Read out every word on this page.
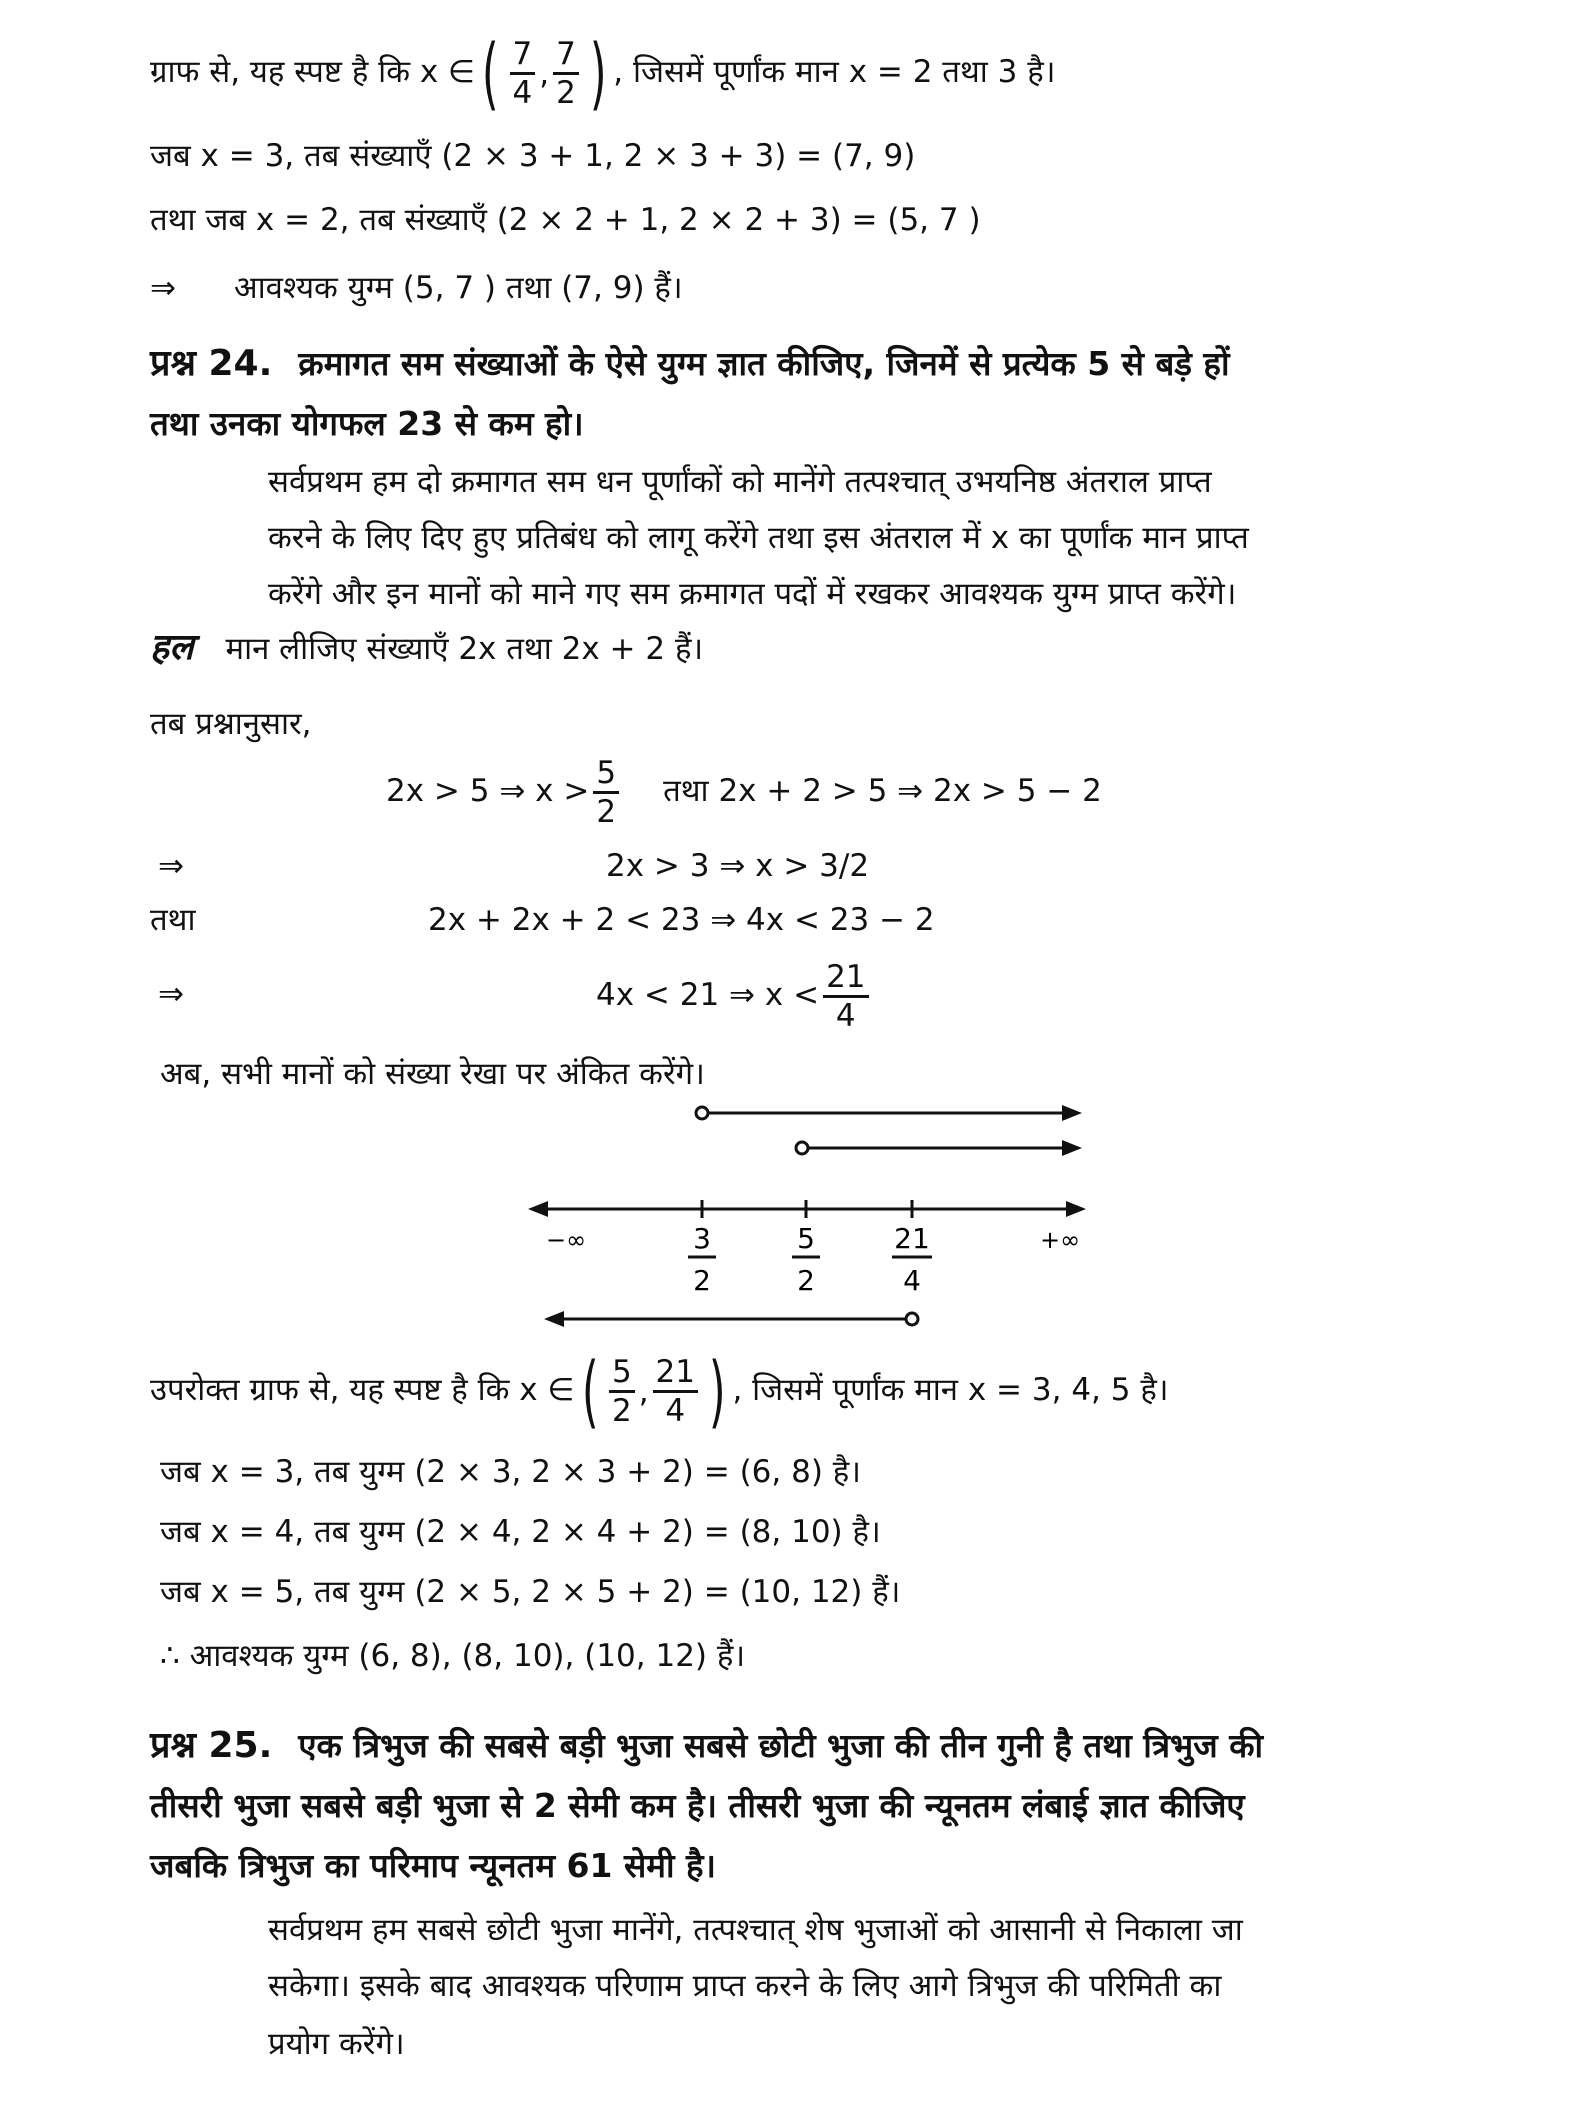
ग्राफ से, यह स्पष्ट है कि x ∈ ( $\frac{7}{4}$ , $\frac{7}{2}$ ) , जिसमें पूर्णांक मान x = 2 तथा 3 है।
जब x = 3, तब संख्याएँ (2 × 3 + 1, 2 × 3 + 3) = (7, 9)
तथा जब x = 2, तब संख्याएँ (2 × 2 + 1, 2 × 2 + 3) = (5, 7 )
⇒ आवश्यक युग्म (5, 7 ) तथा (7, 9) हैं।
प्रश्न 24. क्रमागत सम संख्याओं के ऐसे युग्म ज्ञात कीजिए, जिनमें से प्रत्येक 5 से बड़े हों
तथा उनका योगफल 23 से कम हो।
सर्वप्रथम हम दो क्रमागत सम धन पूर्णांकों को मानेंगे तत्पश्चात् उभयनिष्ठ अंतराल प्राप्त
करने के लिए दिए हुए प्रतिबंध को लागू करेंगे तथा इस अंतराल में x का पूर्णांक मान प्राप्त
करेंगे और इन मानों को माने गए सम क्रमागत पदों में रखकर आवश्यक युग्म प्राप्त करेंगे।
हल मान लीजिए संख्याएँ 2x तथा 2x + 2 हैं।
तब प्रश्नानुसार,
2x > 5 ⇒ $x > \frac{5}{2}$ तथा 2x + 2 > 5 ⇒ 2x > 5 − 2
⇒	2x > 3 ⇒ x > 3/2
तथा	2x + 2x + 2 < 23 ⇒ 4x < 23 − 2
⇒	4x < 21 ⇒ $x < \frac{21}{4}$
अब, सभी मानों को संख्या रेखा पर अंकित करेंगे।
−∞	+∞
3
2
5
2
21
4
उपरोक्त ग्राफ से, यह स्पष्ट है कि x ∈ ( $\frac{5}{2}$ , $\frac{21}{4}$ ) , जिसमें पूर्णांक मान x = 3, 4, 5 है।
जब x = 3, तब युग्म (2 × 3, 2 × 3 + 2) = (6, 8) है।
जब x = 4, तब युग्म (2 × 4, 2 × 4 + 2) = (8, 10) है।
जब x = 5, तब युग्म (2 × 5, 2 × 5 + 2) = (10, 12) हैं।
∴ आवश्यक युग्म (6, 8), (8, 10), (10, 12) हैं।
प्रश्न 25. एक त्रिभुज की सबसे बड़ी भुजा सबसे छोटी भुजा की तीन गुनी है तथा त्रिभुज की
तीसरी भुजा सबसे बड़ी भुजा से 2 सेमी कम है। तीसरी भुजा की न्यूनतम लंबाई ज्ञात कीजिए
जबकि त्रिभुज का परिमाप न्यूनतम 61 सेमी है।
सर्वप्रथम हम सबसे छोटी भुजा मानेंगे, तत्पश्चात् शेष भुजाओं को आसानी से निकाला जा
सकेगा। इसके बाद आवश्यक परिणाम प्राप्त करने के लिए आगे त्रिभुज की परिमिती का
प्रयोग करेंगे।
